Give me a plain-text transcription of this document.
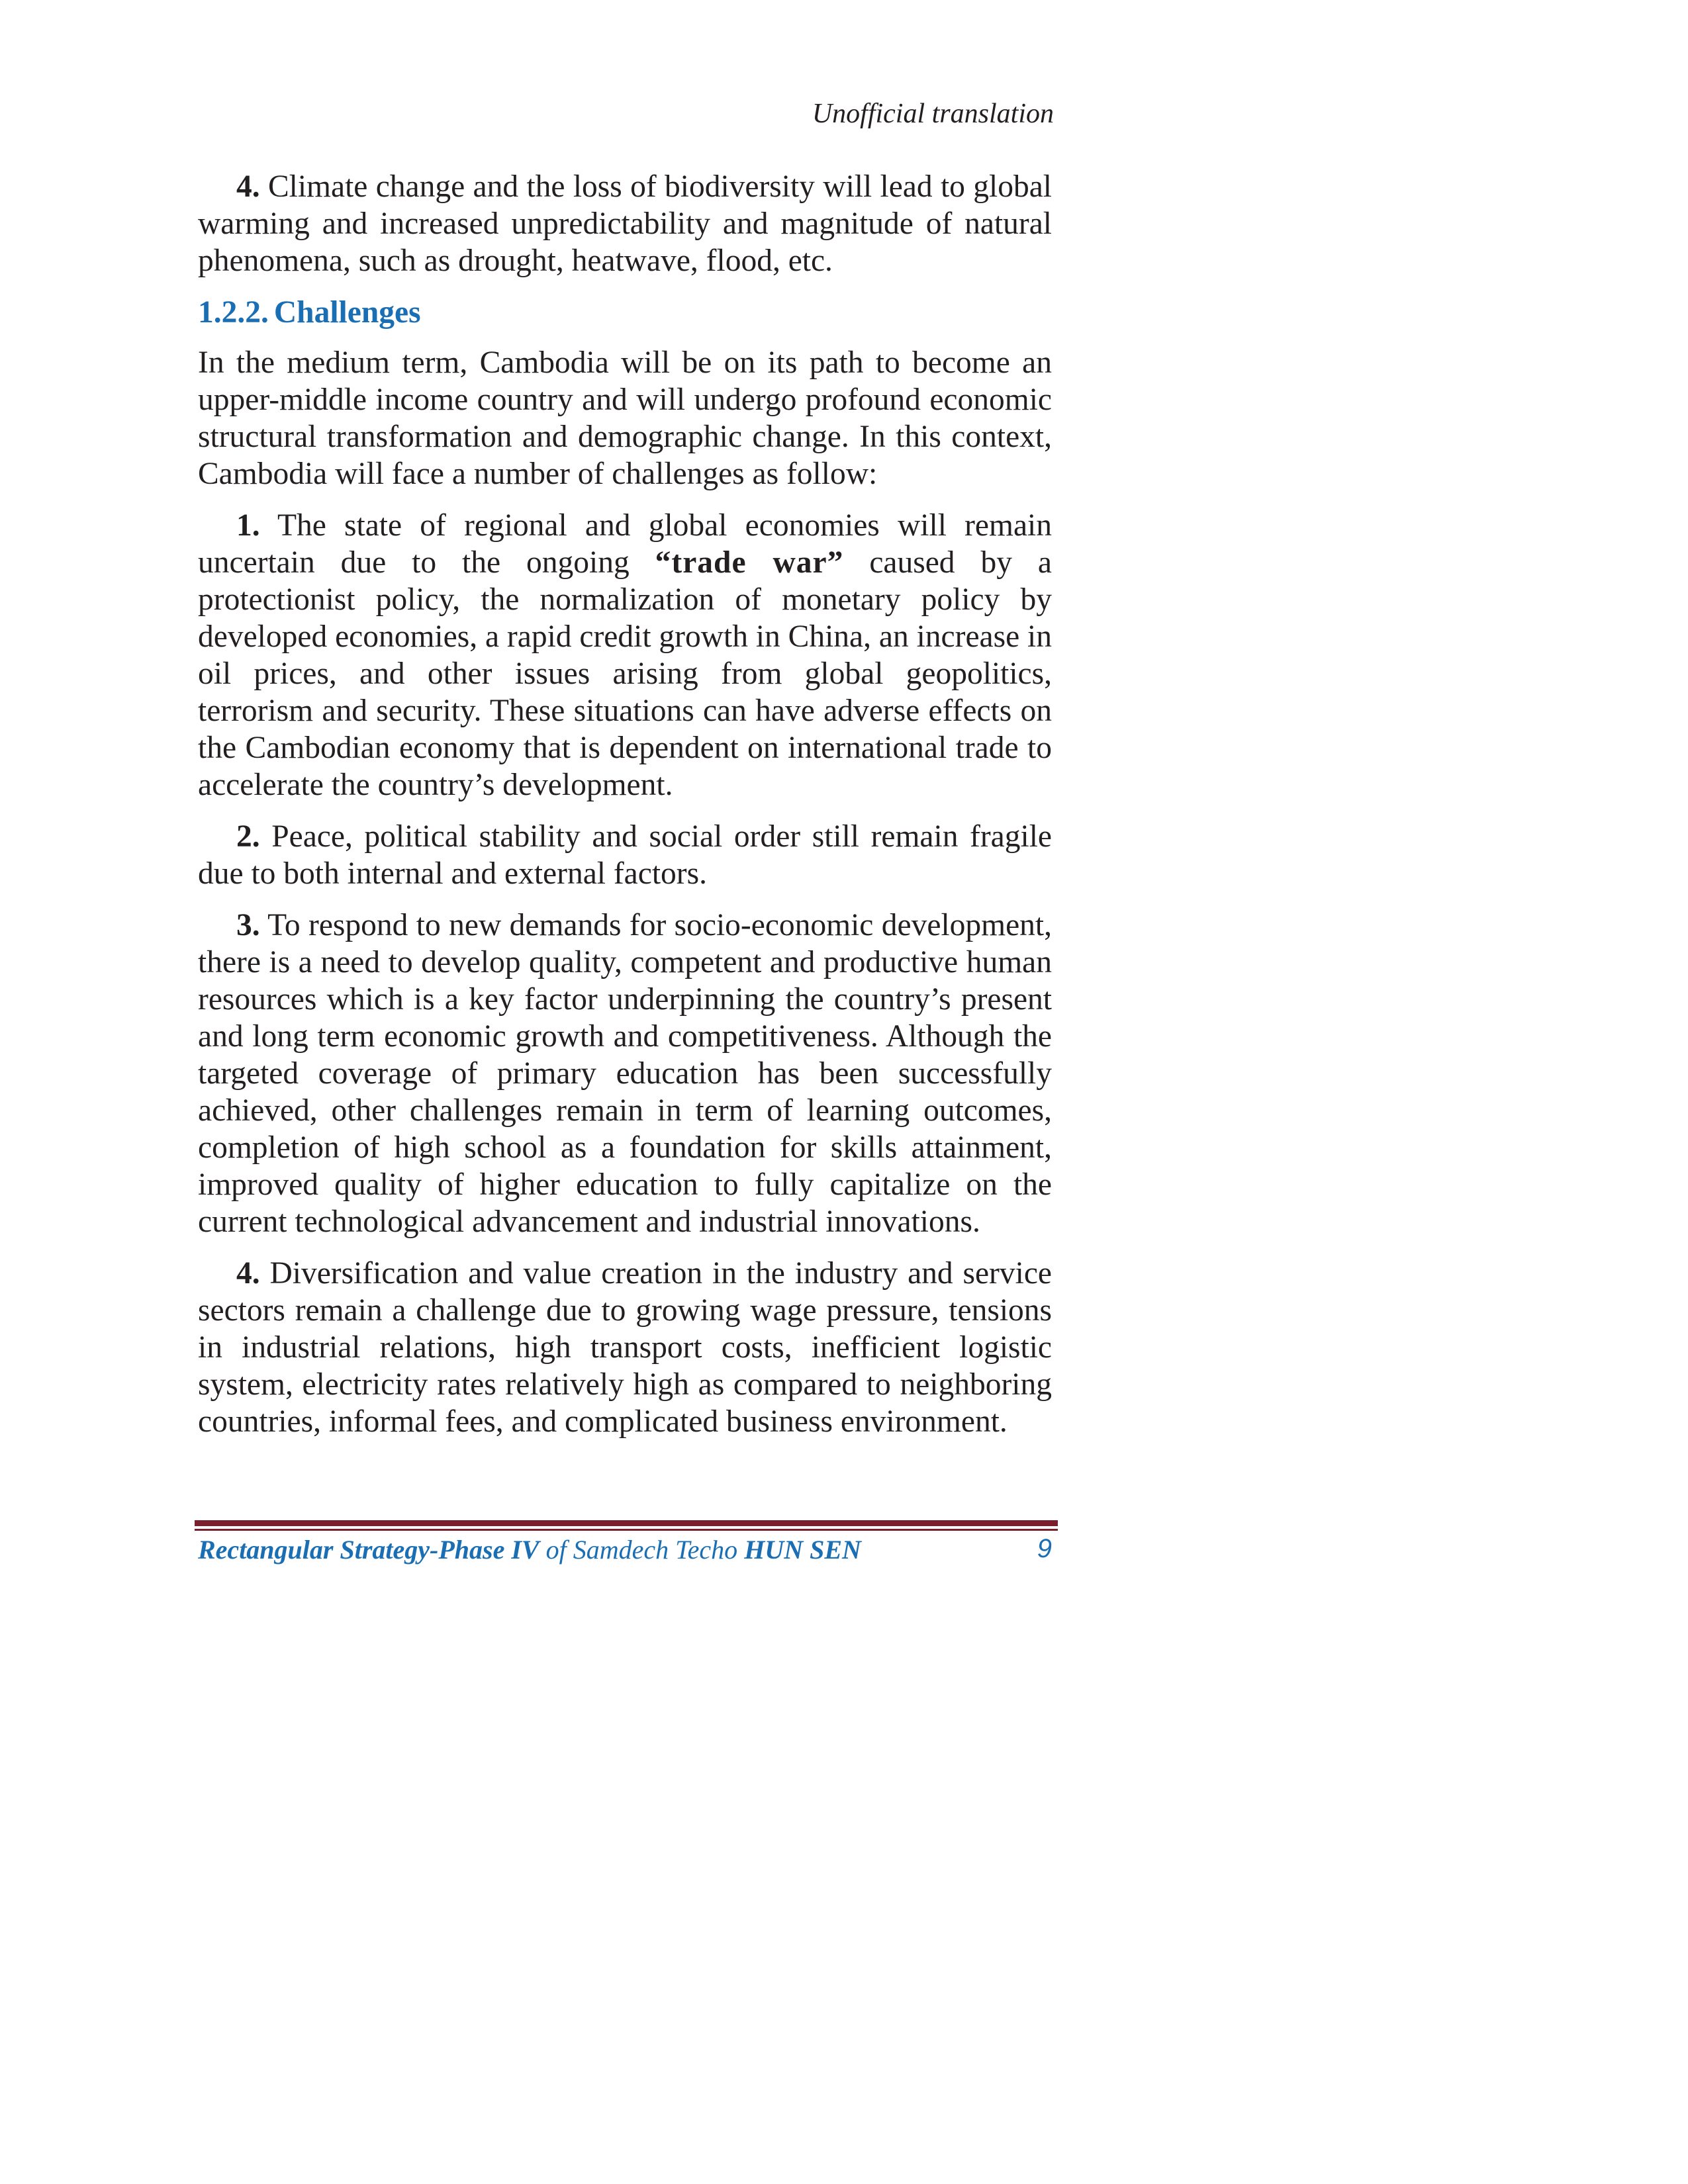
Unofficial translation

4. Climate change and the loss of biodiversity will lead to global warming and increased unpredictability and magnitude of natural phenomena, such as drought, heatwave, flood, etc.

1.2.2. Challenges

In the medium term, Cambodia will be on its path to become an upper-middle income country and will undergo profound economic structural transformation and demographic change. In this context, Cambodia will face a number of challenges as follow:

1. The state of regional and global economies will remain uncertain due to the ongoing “trade war” caused by a protectionist policy, the normalization of monetary policy by developed economies, a rapid credit growth in China, an increase in oil prices, and other issues arising from global geopolitics, terrorism and security. These situations can have adverse effects on the Cambodian economy that is dependent on international trade to accelerate the country’s development.

2. Peace, political stability and social order still remain fragile due to both internal and external factors.

3. To respond to new demands for socio-economic development, there is a need to develop quality, competent and productive human resources which is a key factor underpinning the country’s present and long term economic growth and competitiveness. Although the targeted coverage of primary education has been successfully achieved, other challenges remain in term of learning outcomes, completion of high school as a foundation for skills attainment, improved quality of higher education to fully capitalize on the current technological advancement and industrial innovations.

4. Diversification and value creation in the industry and service sectors remain a challenge due to growing wage pressure, tensions in industrial relations, high transport costs, inefficient logistic system, electricity rates relatively high as compared to neighboring countries, informal fees, and complicated business environment.

Rectangular Strategy-Phase IV of Samdech Techo HUN SEN	9
